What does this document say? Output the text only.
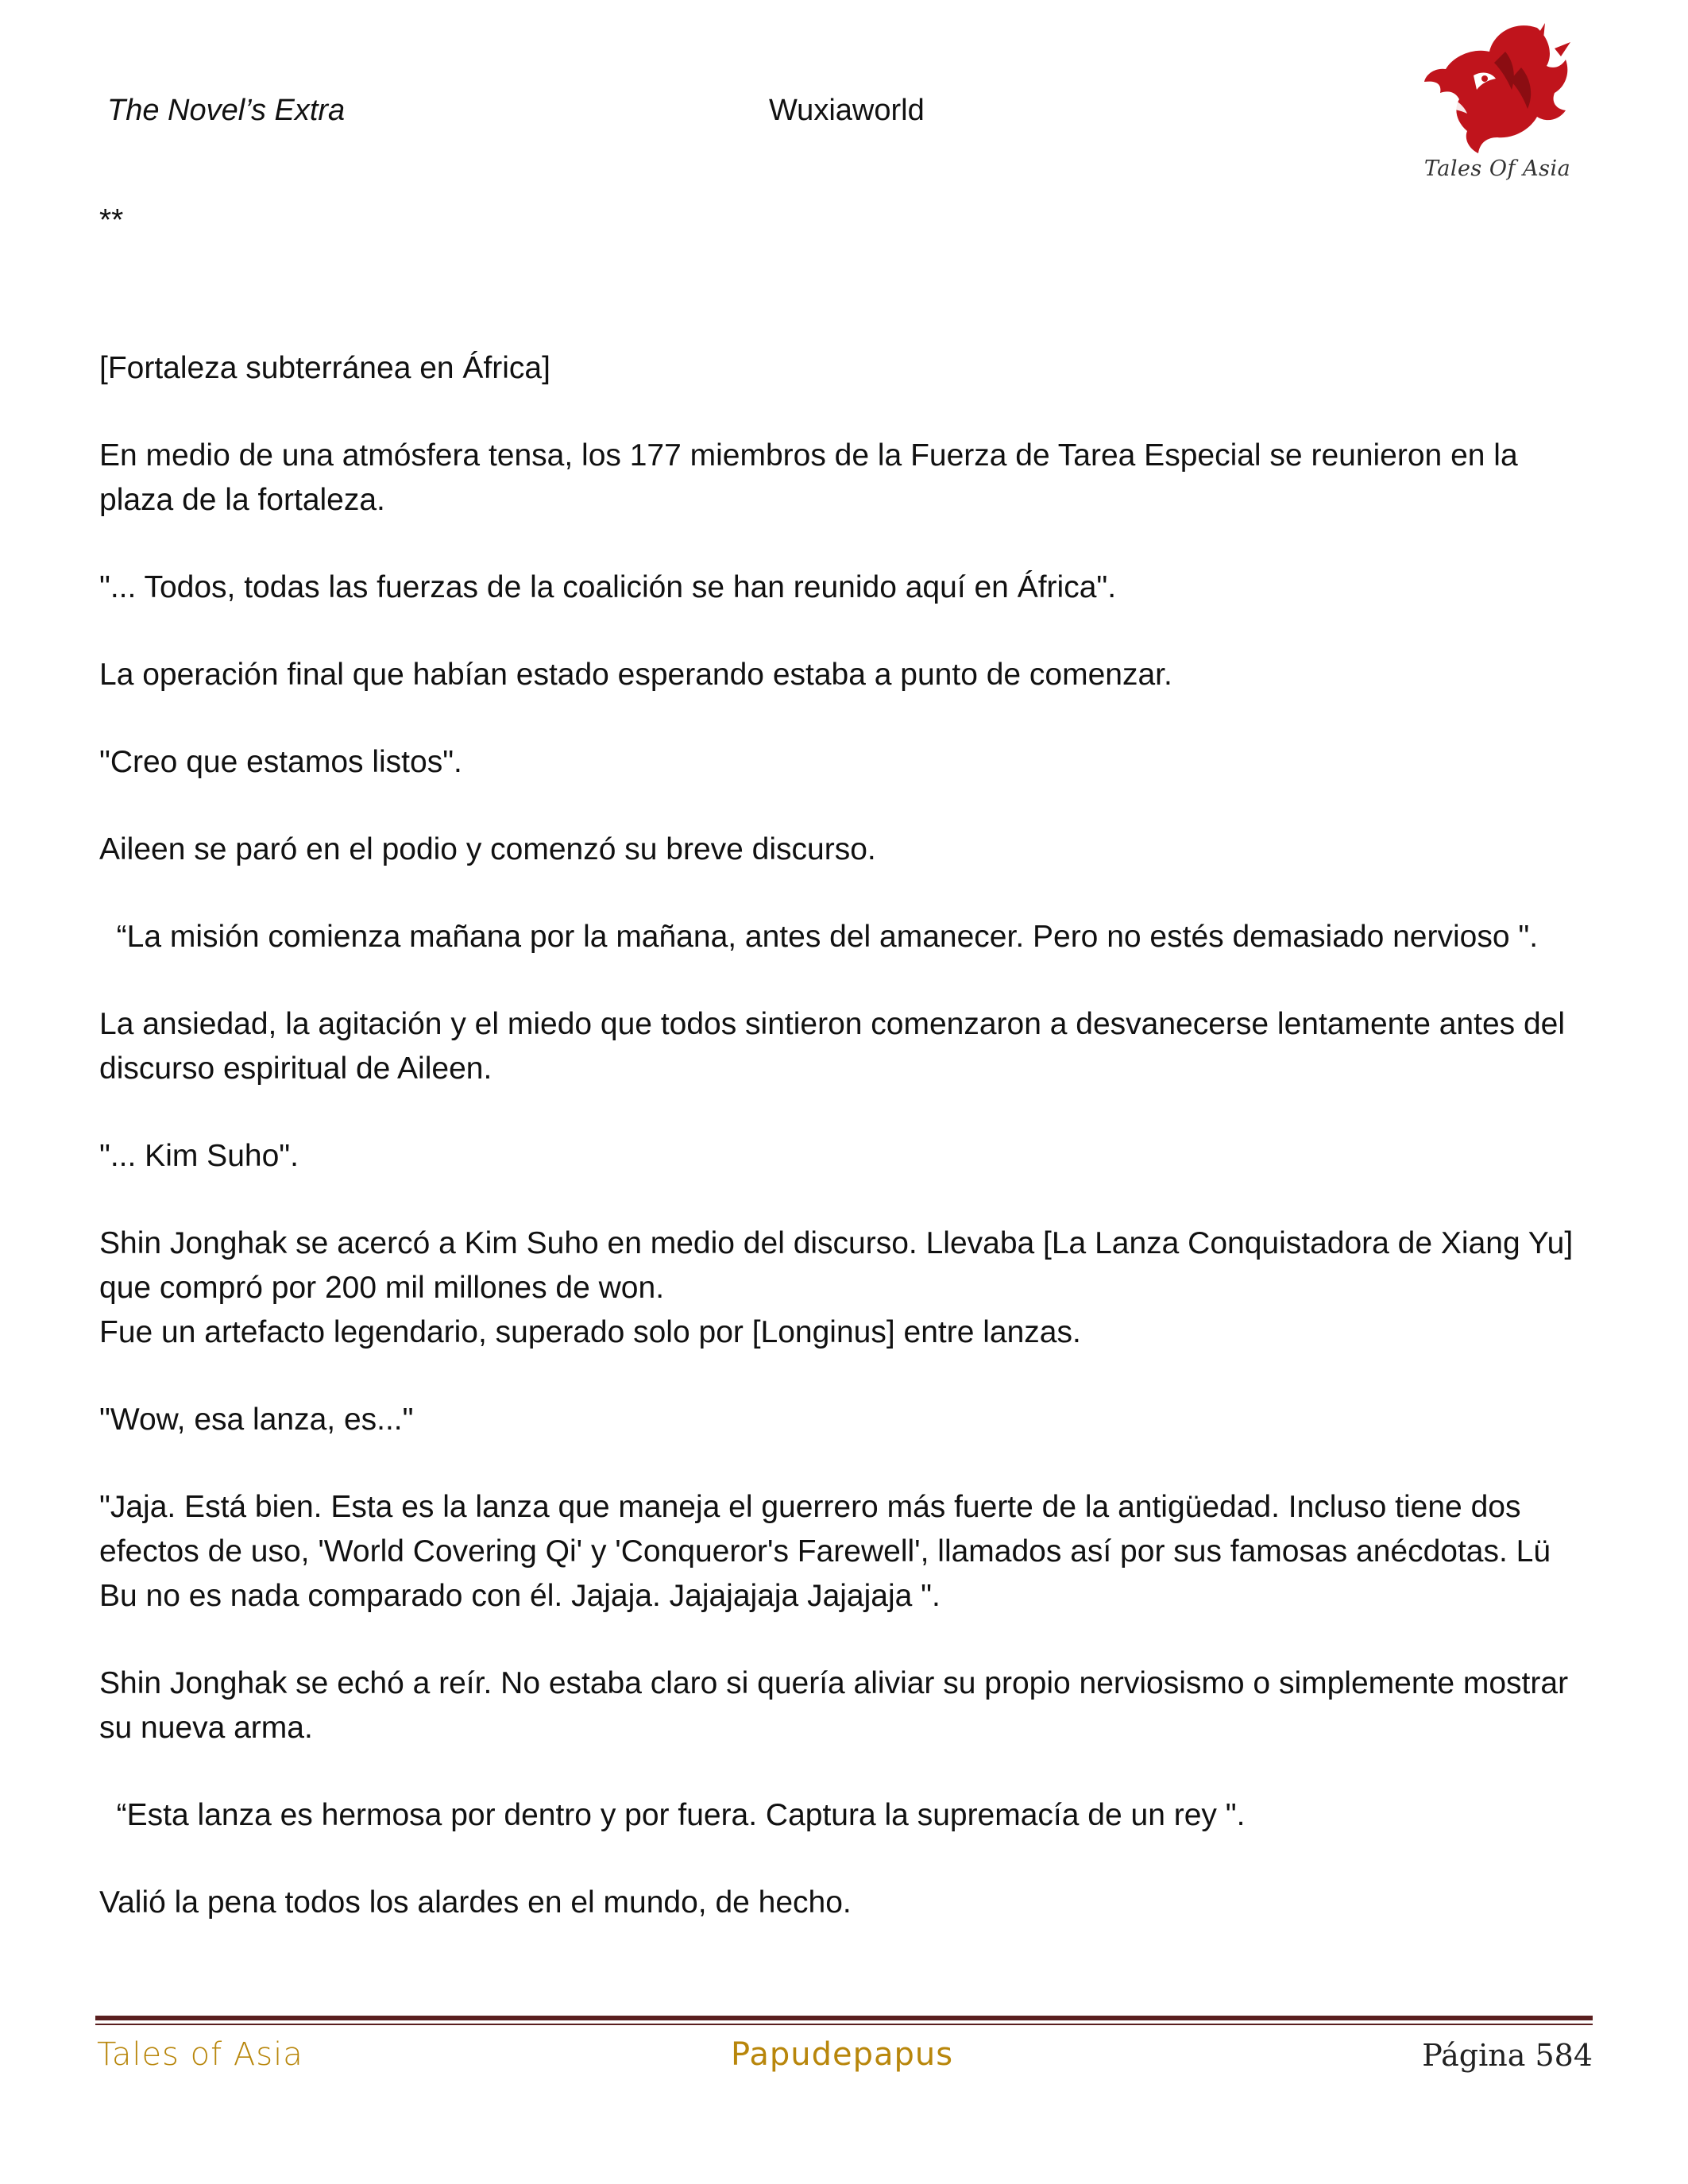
The Novel’s Extra	Wuxiaworld
Tales Of Asia

**

[Fortaleza subterránea en África]

En medio de una atmósfera tensa, los 177 miembros de la Fuerza de Tarea Especial se reunieron en la plaza de la fortaleza.

"... Todos, todas las fuerzas de la coalición se han reunido aquí en África".

La operación final que habían estado esperando estaba a punto de comenzar.

"Creo que estamos listos".

Aileen se paró en el podio y comenzó su breve discurso.

“La misión comienza mañana por la mañana, antes del amanecer. Pero no estés demasiado nervioso ".

La ansiedad, la agitación y el miedo que todos sintieron comenzaron a desvanecerse lentamente antes del discurso espiritual de Aileen.

"... Kim Suho".

Shin Jonghak se acercó a Kim Suho en medio del discurso. Llevaba [La Lanza Conquistadora de Xiang Yu] que compró por 200 mil millones de won.
Fue un artefacto legendario, superado solo por [Longinus] entre lanzas.

"Wow, esa lanza, es..."

"Jaja. Está bien. Esta es la lanza que maneja el guerrero más fuerte de la antigüedad. Incluso tiene dos efectos de uso, 'World Covering Qi' y 'Conqueror's Farewell', llamados así por sus famosas anécdotas. Lü Bu no es nada comparado con él. Jajaja. Jajajajaja Jajajaja ".

Shin Jonghak se echó a reír. No estaba claro si quería aliviar su propio nerviosismo o simplemente mostrar su nueva arma.

“Esta lanza es hermosa por dentro y por fuera. Captura la supremacía de un rey ".

Valió la pena todos los alardes en el mundo, de hecho.

Tales of Asia	Papudepapus	Página 584
